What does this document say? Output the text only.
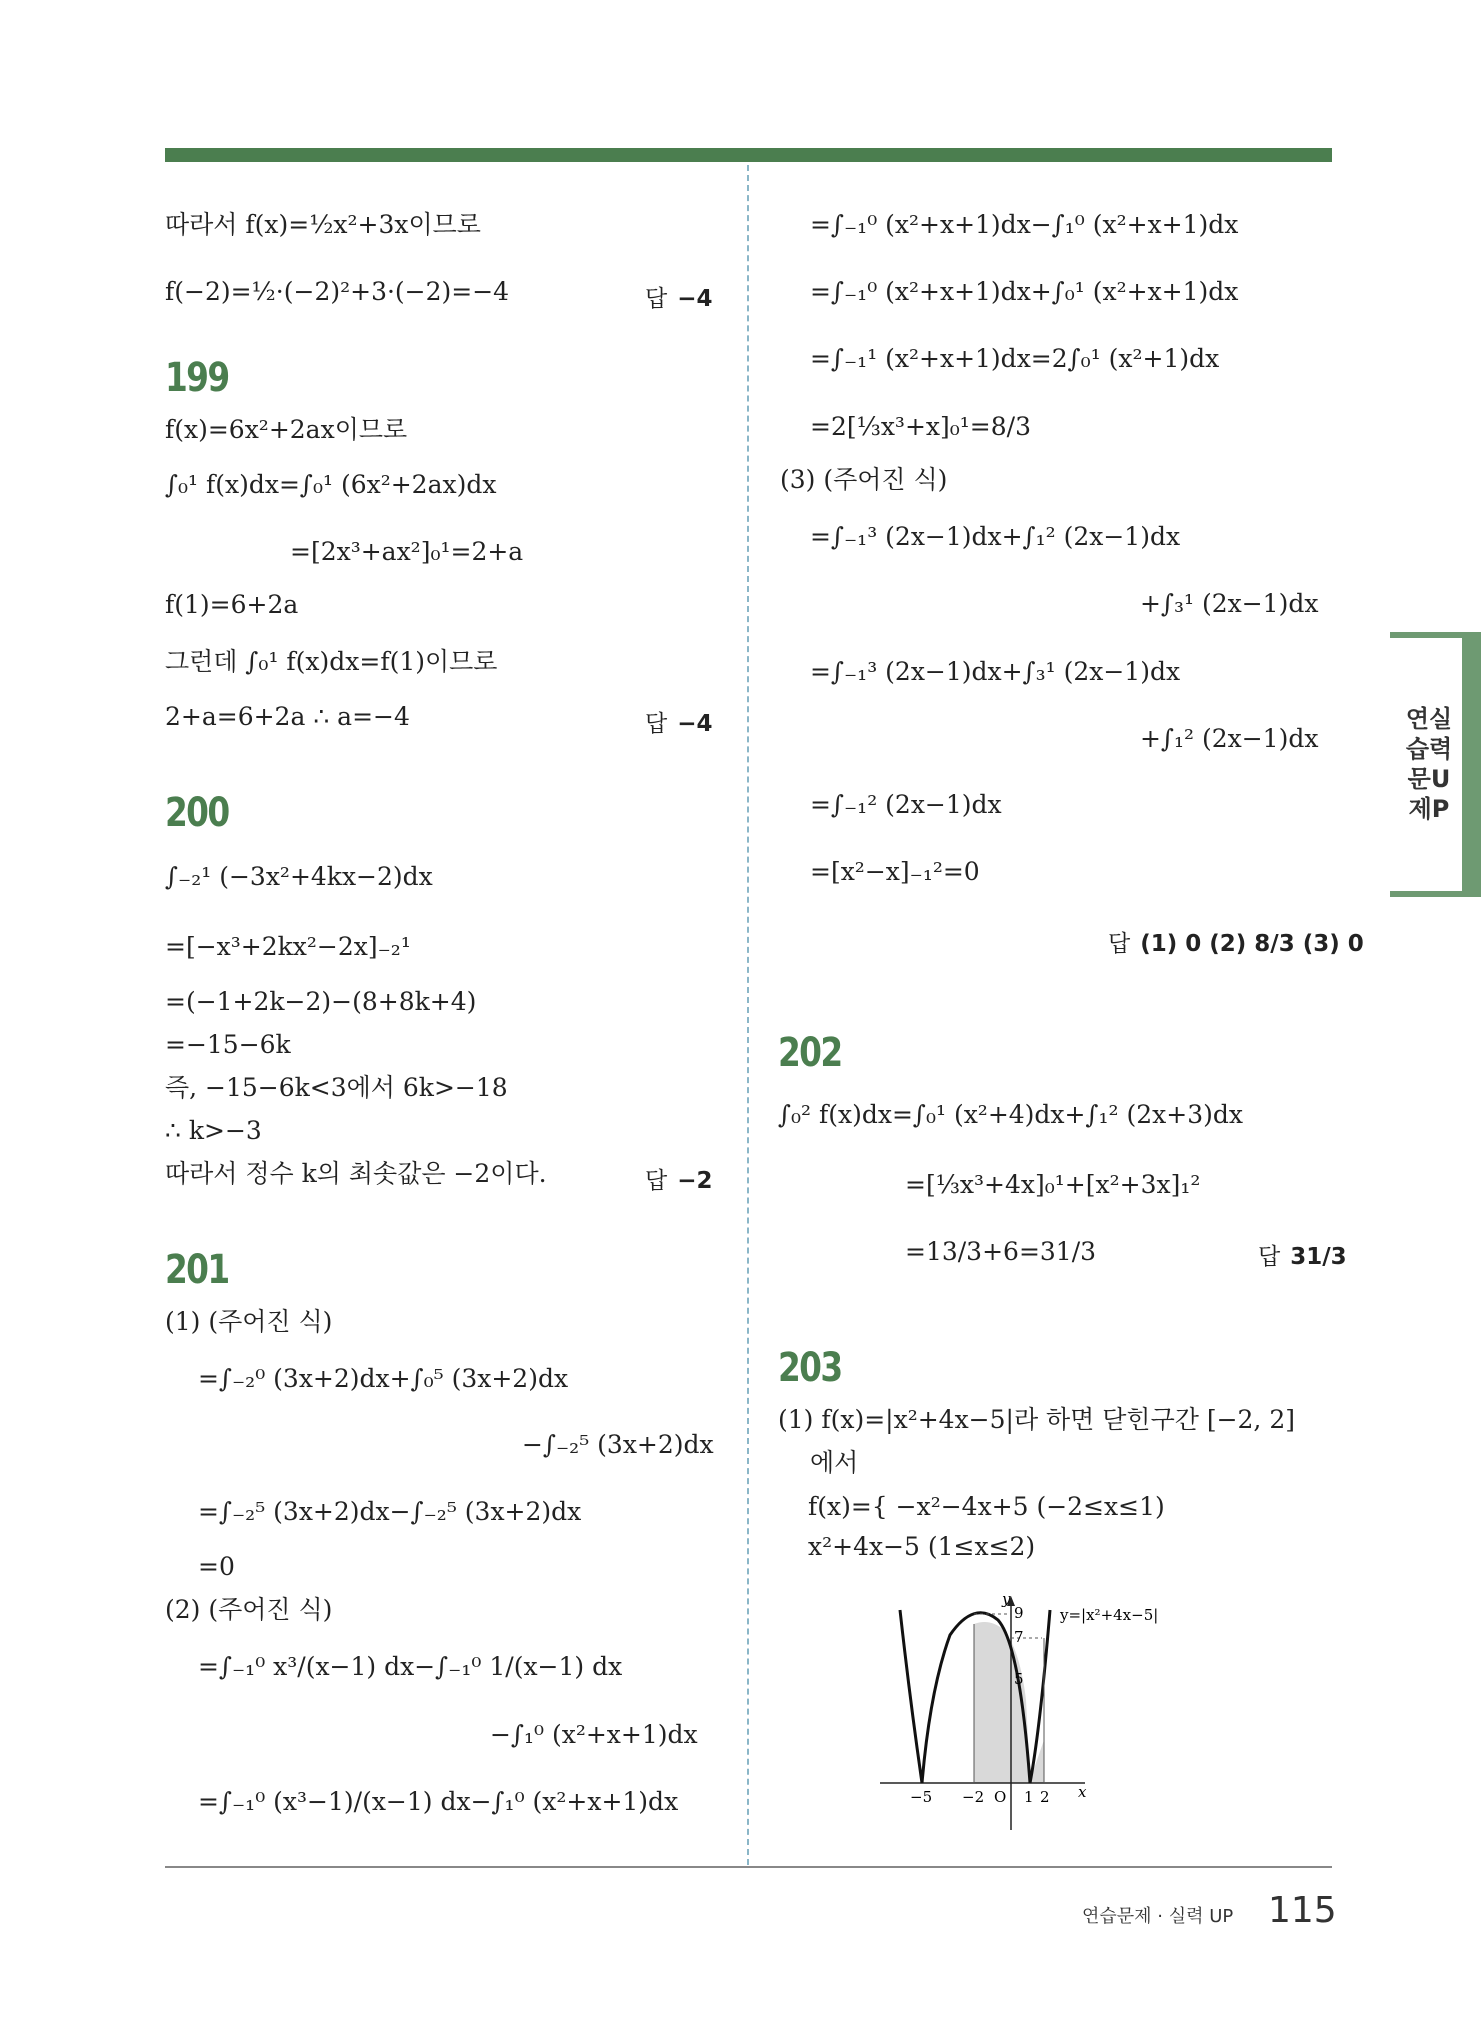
따라서 f(x)=½x²+3x이므로
f(−2)=½·(−2)²+3·(−2)=−4	답 −4
199
f(x)=6x²+2ax이므로
∫₀¹ f(x)dx=∫₀¹ (6x²+2ax)dx
=[2x³+ax²]₀¹=2+a
f(1)=6+2a
그런데 ∫₀¹ f(x)dx=f(1)이므로
2+a=6+2a ∴ a=−4	답 −4
200
∫₋₂¹ (−3x²+4kx−2)dx
=[−x³+2kx²−2x]₋₂¹
=(−1+2k−2)−(8+8k+4)
=−15−6k
즉, −15−6k<3에서 6k>−18
∴ k>−3
따라서 정수 k의 최솟값은 −2이다.	답 −2
201
(1) (주어진 식)
=∫₋₂⁰ (3x+2)dx+∫₀⁵ (3x+2)dx
−∫₋₂⁵ (3x+2)dx
=∫₋₂⁵ (3x+2)dx−∫₋₂⁵ (3x+2)dx
=0
(2) (주어진 식)
=∫₋₁⁰ x³/(x−1) dx−∫₋₁⁰ 1/(x−1) dx
−∫₁⁰ (x²+x+1)dx
=∫₋₁⁰ (x³−1)/(x−1) dx−∫₁⁰ (x²+x+1)dx
=∫₋₁⁰ (x²+x+1)dx−∫₁⁰ (x²+x+1)dx
=∫₋₁⁰ (x²+x+1)dx+∫₀¹ (x²+x+1)dx
=∫₋₁¹ (x²+x+1)dx=2∫₀¹ (x²+1)dx
=2[⅓x³+x]₀¹=8/3
(3) (주어진 식)
=∫₋₁³ (2x−1)dx+∫₁² (2x−1)dx
+∫₃¹ (2x−1)dx
=∫₋₁³ (2x−1)dx+∫₃¹ (2x−1)dx
+∫₁² (2x−1)dx
=∫₋₁² (2x−1)dx
=[x²−x]₋₁²=0
답 (1) 0 (2) 8/3 (3) 0
202
∫₀² f(x)dx=∫₀¹ (x²+4)dx+∫₁² (2x+3)dx
=[⅓x³+4x]₀¹+[x²+3x]₁²
=13/3+6=31/3	답 31/3
203
(1) f(x)=|x²+4x−5|라 하면 닫힌구간 [−2, 2]
에서
f(x)={ −x²−4x+5 (−2≤x≤1)
x²+4x−5 (1≤x≤2)
y
x
y=|x²+4x−5|
9
7
5
−5 −2 O 1 2
연실 습력 문U 제P
연습문제 · 실력 UP 115
